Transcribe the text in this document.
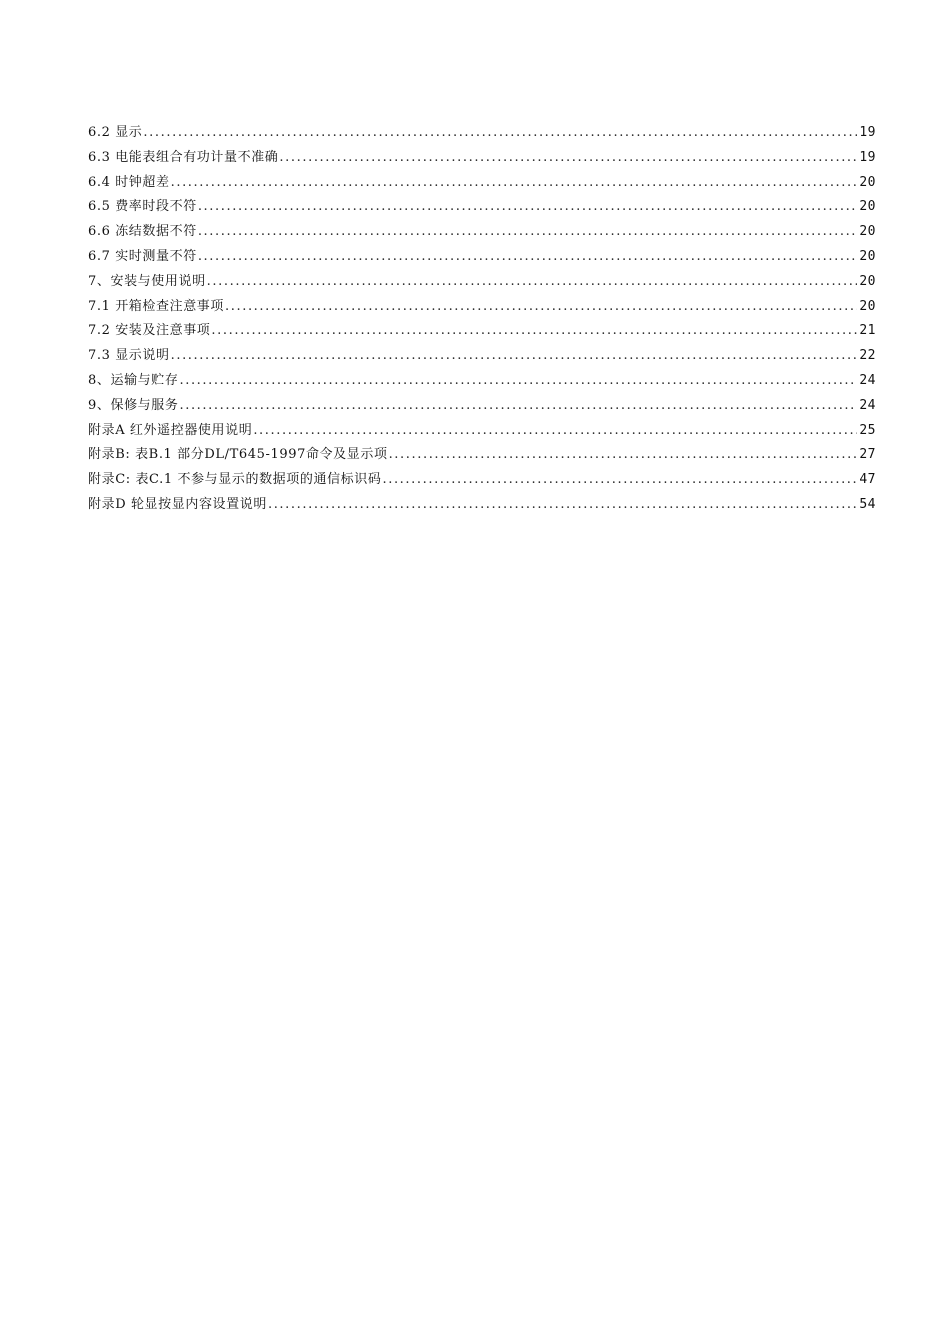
6.2 显示 .....	19
6.3 电能表组合有功计量不准确 .....	19
6.4 时钟超差 .....	20
6.5 费率时段不符 .....	20
6.6 冻结数据不符 .....	20
6.7 实时测量不符 .....	20
7、安装与使用说明 .....	20
7.1 开箱检查注意事项 .....	20
7.2 安装及注意事项 .....	21
7.3 显示说明 .....	22
8、运输与贮存 .....	24
9、保修与服务 .....	24
附录A 红外遥控器使用说明 .....	25
附录B: 表B.1 部分DL/T645-1997命令及显示项 .....	27
附录C: 表C.1 不参与显示的数据项的通信标识码 .....	47
附录D 轮显按显内容设置说明 .....	54
